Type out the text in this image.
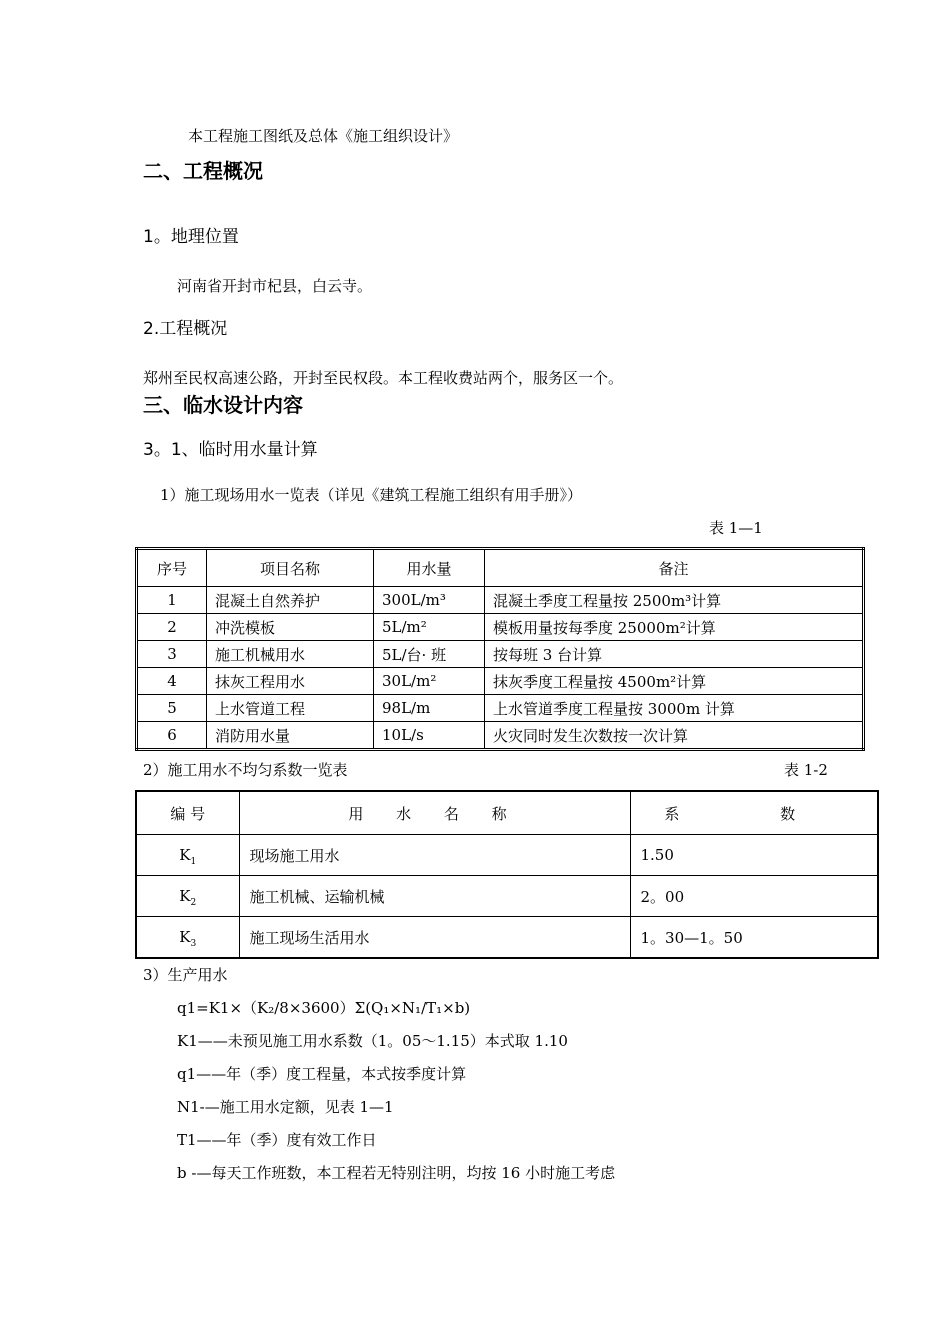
本工程施工图纸及总体《施工组织设计》
二、工程概况
1。地理位置
河南省开封市杞县，白云寺。
2.工程概况
郑州至民权高速公路，开封至民权段。本工程收费站两个，服务区一个。
三、临水设计内容
3。1、临时用水量计算
1）施工现场用水一览表（详见《建筑工程施工组织有用手册》）
表 1—1
序号	项目名称	用水量	备注
1	混凝土自然养护	300L/m³	混凝土季度工程量按 2500m³计算
2	冲洗模板	5L/m²	模板用量按每季度 25000m²计算
3	施工机械用水	5L/台· 班	按每班 3 台计算
4	抹灰工程用水	30L/m²	抹灰季度工程量按 4500m²计算
5	上水管道工程	98L/m	上水管道季度工程量按 3000m 计算
6	消防用水量	10L/s	火灾同时发生次数按一次计算
2）施工用水不均匀系数一览表	表 1-2
编 号	用 水 名 称	系 数
$K_1$	现场施工用水	1.50
$K_2$	施工机械、运输机械	2。00
$K_3$	施工现场生活用水	1。30—1。50
3）生产用水
q1=K1×（K₂/8×3600）Σ(Q₁×N₁/T₁×b)
K1——未预见施工用水系数（1。05～1.15）本式取 1.10
q1——年（季）度工程量，本式按季度计算
N1-—施工用水定额，见表 1—1
T1——年（季）度有效工作日
b -—每天工作班数，本工程若无特别注明，均按 16 小时施工考虑
